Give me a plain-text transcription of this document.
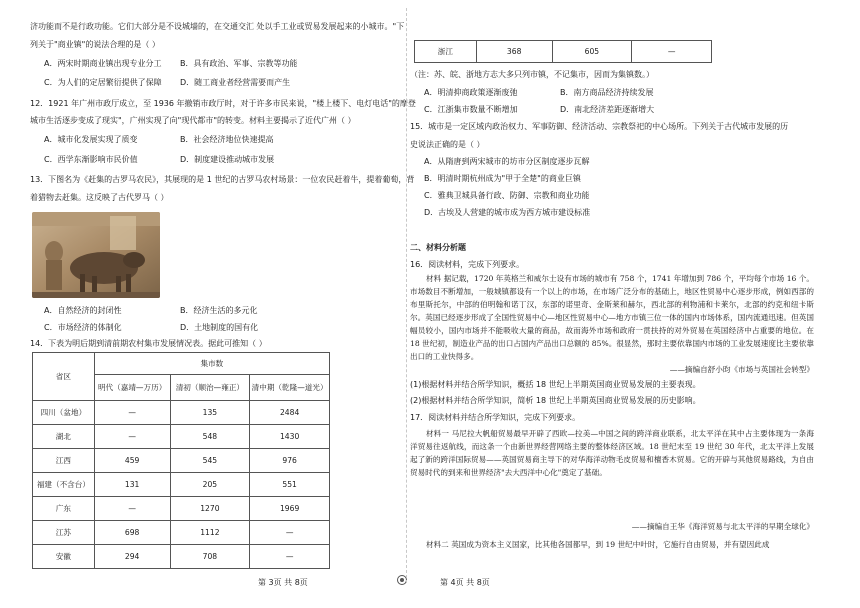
济功能而不是行政功能。它们大部分是不设城墙的，在交通交汇 处以手工业或贸易发展起来的小城市。"下
列关于"商业镇"的说法合理的是（ ）
A．两宋时期商业镇出现专业分工 B．具有政治、军事、宗教等功能
C．为人们的定居繁衍提供了保障 D．随工商业者经营需要而产生
12．1921 年广州市政厅成立，至 1936 年撤销市政厅时，对于许多市民来说，"楼上楼下、电灯电话"的摩登
城市生活逐步变成了现实"，广州实现了向"现代都市"的转变。材料主要揭示了近代广州（ ）
A．城市化发展实现了质变	B．社会经济地位快速提高
C．西学东渐影响市民价值	D．制度建设推动城市发展
13．下图名为《赶集的古罗马农民》，其展现的是 1 世纪的古罗马农村场景：一位农民赶着牛，提着葡萄，背
着猎物去赶集。这反映了古代罗马（ ）
A．自然经济的封闭性	B．经济生活的多元化
C．市场经济的体制化	D．土地制度的国有化
14．下表为明后期到清前期农村集市发展情况表。据此可推知（ ）
省区	集市数		
	明代（嘉靖—万历）	清初（顺治—雍正）	清中期（乾隆—道光）
四川（盆地）	—	135	2484
湖北	—	548	1430
江西	459	545	976
福建（不含台）	131	205	551
广东	—	1270	1969
江苏	698	1112	—
安徽	294	708	—
第 3页 共 8页
浙江	368	605	—
（注：苏、皖、浙地方志大多只列市镇，不记集市，因而为集镇数。）
A．明清抑商政策逐渐废弛	B．南方商品经济持续发展
C．江浙集市数量不断增加	D．南北经济差距逐渐增大
15．城市是一定区域内政治权力、军事防御、经济活动、宗教祭祀的中心场所。下列关于古代城市发展的历
史说法正确的是（ ）
A．从隋唐到两宋城市的坊市分区制度逐步瓦解
B．明清时期杭州成为"甲于全楚"的商业巨镇
C．雅典卫城具备行政、防御、宗教和商业功能
D．古埃及人营建的城市成为西方城市建设标准
二、材料分析题
16．阅读材料，完成下列要求。
材料 据记载，1720 年英格兰和威尔士设有市场的城市有 758 个，1741 年增加到 786 个，平均每个市场 16 个。市场数目不断增加，一般城镇都设有一个以上的市场，在市场广泛分布的基础上，地区性贸易中心逐步形成，例如西部的布里斯托尔，中部的伯明翰和诺丁汉，东部的诺里奇、金斯莱和赫尔，西北部的利物浦和卡莱尔，北部的约克和纽卡斯尔。英国已经逐步形成了全国性贸易中心—地区性贸易中心—地方市镇三位一体的国内市场体系，国内流通迅速。但英国幅员较小，国内市场并不能吸收大量的商品，故而海外市场和政府一贯扶持的对外贸易在英国经济中占重要的地位。在 18 世纪初，制造业产品的出口占国内产品出口总额的 85%。很显然，那时主要依靠国内市场的工业发展速度比主要依靠出口的工业快得多。
——摘编自舒小昀《市场与英国社会转型》
(1)根据材料并结合所学知识，概括 18 世纪上半期英国商业贸易发展的主要表现。
(2)根据材料并结合所学知识，简析 18 世纪上半期英国商业贸易发展的历史影响。
17．阅读材料并结合所学知识，完成下列要求。
材料一 马尼拉大帆船贸易最早开辟了西欧—拉美—中国之间的跨洋商业联系，北太平洋在其中占主要体现为一条海洋贸易往返航线，而这条一个由新世界经营网络主要的整体经济区域。18 世纪末至 19 世纪 30 年代，北太平洋上发展起了新的跨洋国际贸易——英国贸易商主导下的对华海洋动物毛皮贸易和檀香木贸易。它的开辟与其他贸易路线，为自由贸易时代的到来和世界经济"去大西洋中心化"奠定了基础。
——摘编自王华《海洋贸易与北太平洋的早期全球化》
材料二 英国成为资本主义国家，比其他各国都早，到 19 世纪中叶时，它施行自由贸易，并有望因此成
第 4页 共 8页
